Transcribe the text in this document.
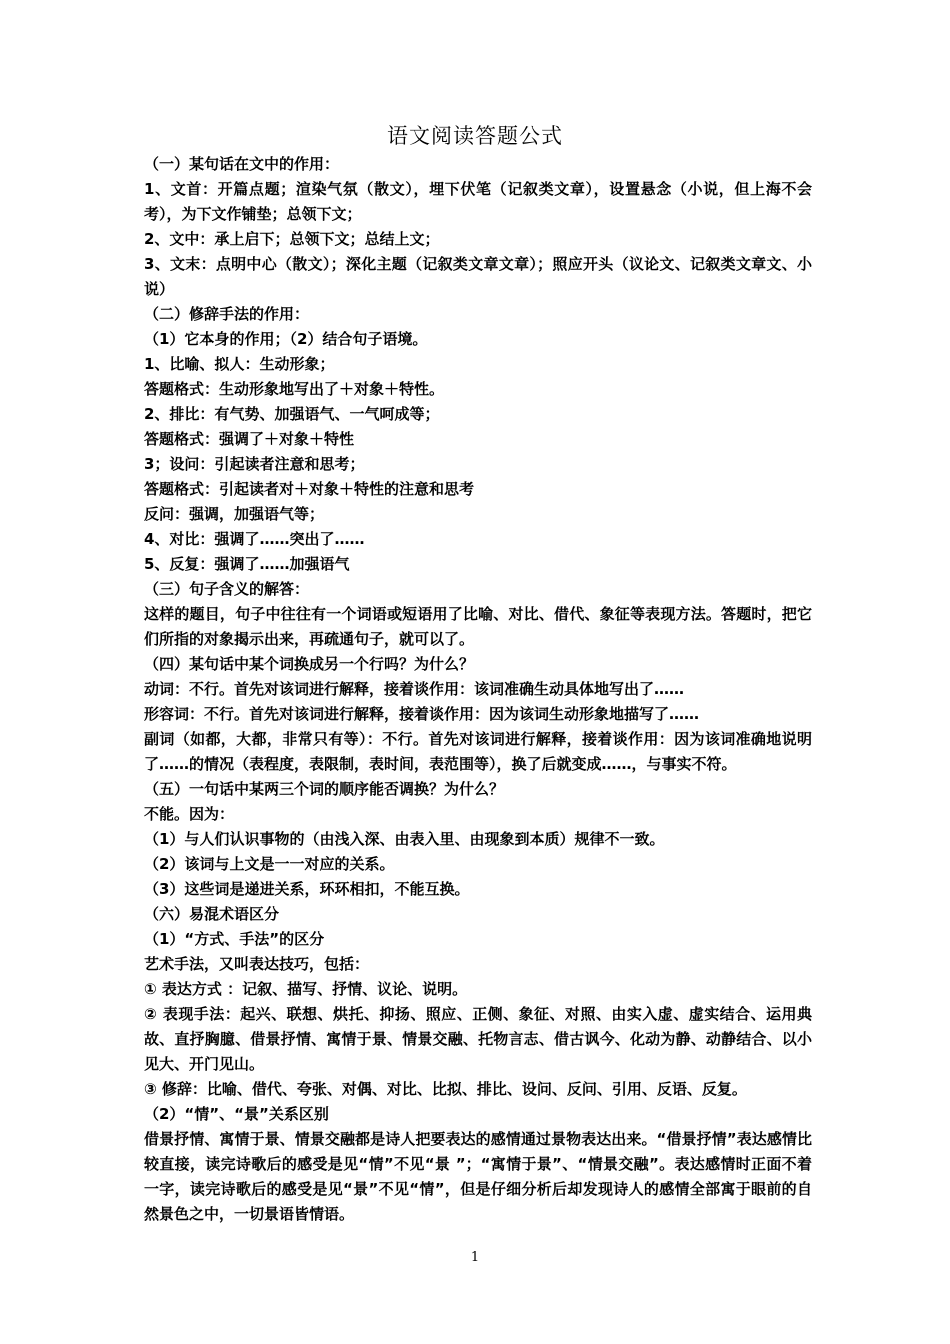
语文阅读答题公式
（一）某句话在文中的作用：
1、文首：开篇点题；渲染气氛（散文），埋下伏笔（记叙类文章），设置悬念（小说，但上海不会考），为下文作铺垫；总领下文；
2、文中：承上启下；总领下文；总结上文；
3、文末：点明中心（散文）；深化主题（记叙类文章文章）；照应开头（议论文、记叙类文章文、小说）
（二）修辞手法的作用：
（1）它本身的作用；（2）结合句子语境。
1、比喻、拟人：生动形象；
答题格式：生动形象地写出了＋对象＋特性。
2、排比：有气势、加强语气、一气呵成等；
答题格式：强调了＋对象＋特性
3；设问：引起读者注意和思考；
答题格式：引起读者对＋对象＋特性的注意和思考
反问：强调，加强语气等；
4、对比：强调了……突出了……
5、反复：强调了……加强语气
（三）句子含义的解答：
这样的题目，句子中往往有一个词语或短语用了比喻、对比、借代、象征等表现方法。答题时，把它们所指的对象揭示出来，再疏通句子，就可以了。
（四）某句话中某个词换成另一个行吗？为什么？
动词：不行。首先对该词进行解释，接着谈作用：该词准确生动具体地写出了……
形容词：不行。首先对该词进行解释，接着谈作用：因为该词生动形象地描写了……
副词（如都，大都，非常只有等）：不行。首先对该词进行解释，接着谈作用：因为该词准确地说明了……的情况（表程度，表限制，表时间，表范围等），换了后就变成……，与事实不符。
（五）一句话中某两三个词的顺序能否调换？为什么？
不能。因为：
（1）与人们认识事物的（由浅入深、由表入里、由现象到本质）规律不一致。
（2）该词与上文是一一对应的关系。
（3）这些词是递进关系，环环相扣，不能互换。
（六）易混术语区分
（1）“方式、手法”的区分
艺术手法，又叫表达技巧，包括：
① 表达方式 ：记叙、描写、抒情、议论、说明。
② 表现手法：起兴、联想、烘托、抑扬、照应、正侧、象征、对照、由实入虚、虚实结合、运用典故、直抒胸臆、借景抒情、寓情于景、情景交融、托物言志、借古讽今、化动为静、动静结合、以小见大、开门见山。
③ 修辞：比喻、借代、夸张、对偶、对比、比拟、排比、设问、反问、引用、反语、反复。
（2）“情”、“景”关系区别
借景抒情、寓情于景、情景交融都是诗人把要表达的感情通过景物表达出来。“借景抒情”表达感情比较直接，读完诗歌后的感受是见“情”不见“景 ”；“寓情于景”、“情景交融”。表达感情时正面不着一字，读完诗歌后的感受是见“景”不见“情”，但是仔细分析后却发现诗人的感情全部寓于眼前的自然景色之中，一切景语皆情语。
1
